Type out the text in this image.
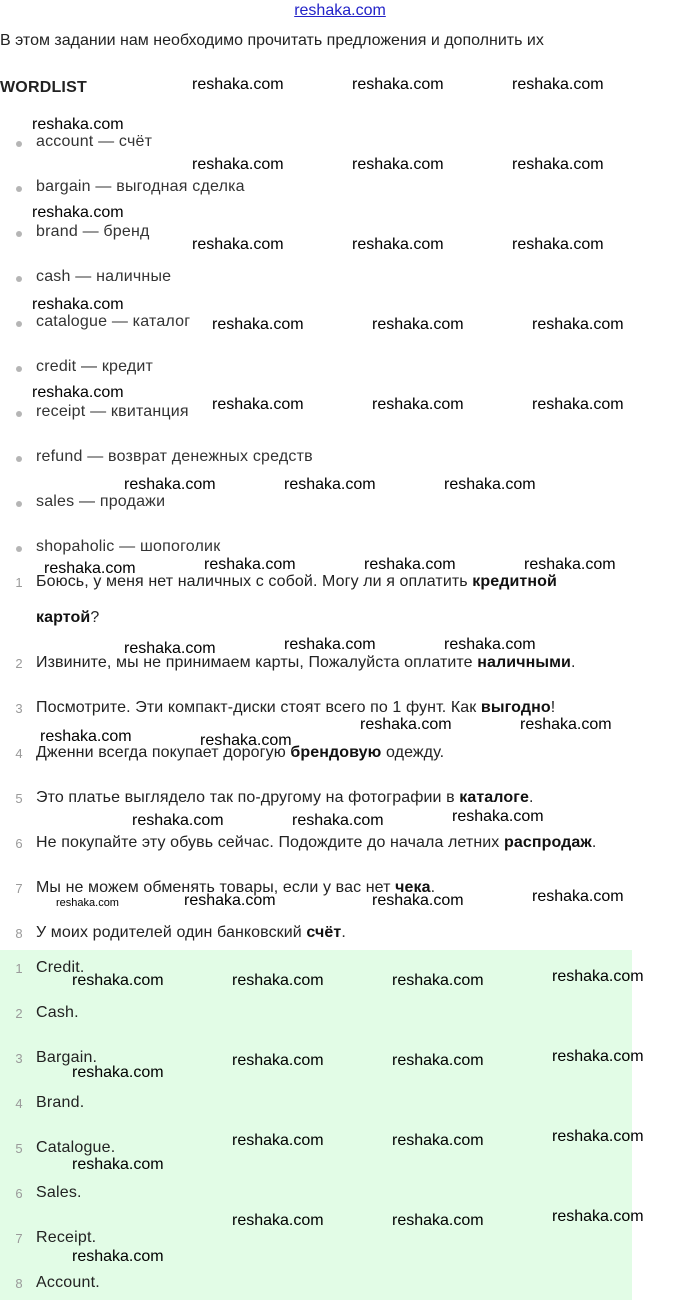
reshaka.com
В этом задании нам необходимо прочитать предложения и дополнить их
WORDLIST
account — счёт
bargain — выгодная сделка
brand — бренд
cash — наличные
catalogue — каталог
credit — кредит
receipt — квитанция
refund — возврат денежных средств
sales — продажи
shopaholic — шопоголик
1 Боюсь, у меня нет наличных с собой. Могу ли я оплатить кредитной
картой?
2 Извините, мы не принимаем карты, Пожалуйста оплатите наличными.
3 Посмотрите. Эти компакт-диски стоят всего по 1 фунт. Как выгодно!
4 Дженни всегда покупает дорогую брендовую одежду.
5 Это платье выглядело так по-другому на фотографии в каталоге.
6 Не покупайте эту обувь сейчас. Подождите до начала летних распродаж.
7 Мы не можем обменять товары, если у вас нет чека.
8 У моих родителей один банковский счёт.
1 Credit.
2 Cash.
3 Bargain.
4 Brand.
5 Catalogue.
6 Sales.
7 Receipt.
8 Account.
reshaka.com	reshaka.com	reshaka.com
reshaka.com
reshaka.com	reshaka.com	reshaka.com
reshaka.com
reshaka.com	reshaka.com	reshaka.com
reshaka.com
reshaka.com	reshaka.com	reshaka.com
reshaka.com
reshaka.com	reshaka.com	reshaka.com
reshaka.com	reshaka.com	reshaka.com
reshaka.com	reshaka.com	reshaka.com	reshaka.com
reshaka.com	reshaka.com	reshaka.com
reshaka.com	reshaka.com
reshaka.com	reshaka.com
reshaka.com
reshaka.com	reshaka.com
reshaka.com
reshaka.com	reshaka.com	reshaka.com
reshaka.com	reshaka.com	reshaka.com	reshaka.com
reshaka.com	reshaka.com	reshaka.com
reshaka.com
reshaka.com	reshaka.com	reshaka.com
reshaka.com
reshaka.com	reshaka.com	reshaka.com
reshaka.com
